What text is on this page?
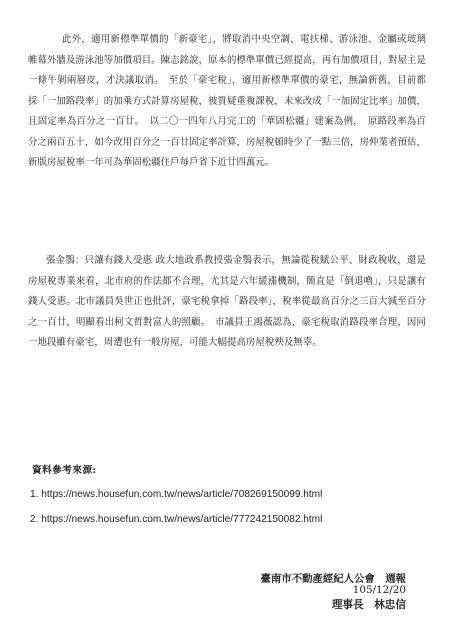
此外，適用新標準單價的「新豪宅」，將取消中央空調、電扶梯、游泳池、金屬或玻璃帷幕外牆及游泳池等加價項目。陳志銘說，原本的標準單價已經提高，再有加價項目，對屋主是一條牛剝兩層皮，才決議取消。　至於「豪宅稅」，適用新標準單價的豪宅，無論新舊，目前都採「一加路段率」的加乘方式計算房屋稅，被質疑重複課稅，未來改成「一加固定比率」加價，且固定率為百分之一百廿。　以二〇一四年八月完工的「華固松疆」建案為例，　原路段率為百分之兩百五十，如今改用百分之一百廿固定率計算，房屋稅頓時少了一點三倍，房仲業者預估，新版房屋稅率一年可為華固松疆住戶每戶省下近廿四萬元。

張金鶚：只讓有錢人受惠 政大地政系教授張金鶚表示，無論從稅賦公平、財政稅收，還是房屋稅專業來看，北市府的作法都不合理，尤其是六年緩漲機制，簡直是「倒退嚕」，只是讓有錢人受惠。北市議員吳世正也批評，豪宅稅拿掉「路段率」，稅率從最高百分之三百大減至百分之一百廿，明顯看出柯文哲對富人的照顧。　市議員王鴻薇認為，豪宅稅取消路段率合理，因同一地段雖有豪宅，周遭也有一般房屋，可能大幅提高房屋稅殃及無辜。

資料參考來源:
1. https://news.housefun.com.tw/news/article/708269150099.html
2. https://news.housefun.com.tw/news/article/777242150082.html
臺南市不動產經紀人公會　週報
105/12/20
理事長　林忠信
